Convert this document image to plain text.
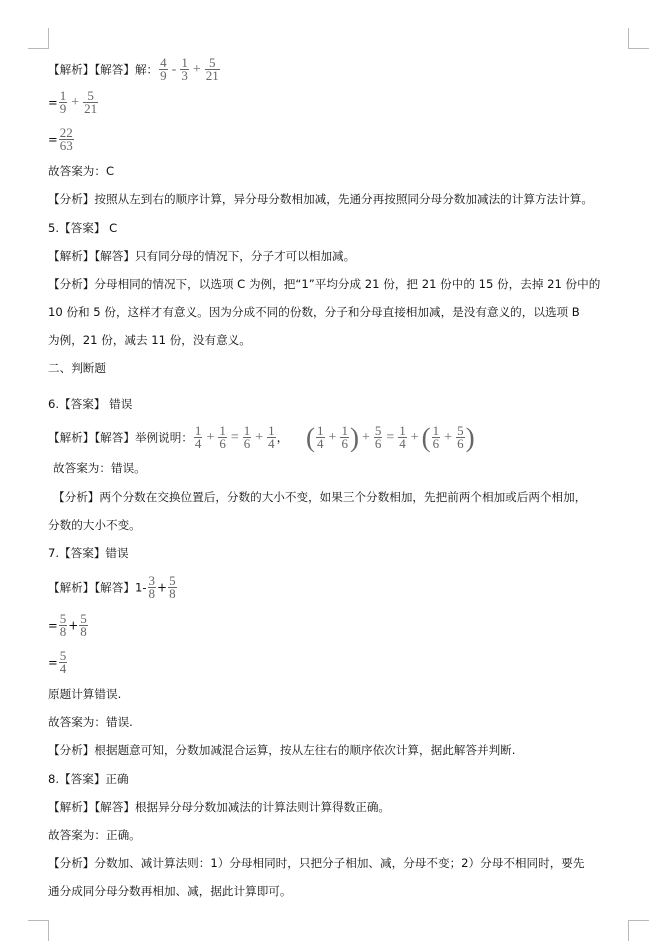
【解析】【解答】解： $\frac{4}{9} - \frac{1}{3} + \frac{5}{21}$
= $\frac{1}{9} + \frac{5}{21}$
= $\frac{22}{63}$
故答案为：C
【分析】按照从左到右的顺序计算，异分母分数相加减，先通分再按照同分母分数加减法的计算方法计算。
5.【答案】 C
【解析】【解答】只有同分母的情况下，分子才可以相加减。
【分析】分母相同的情况下，以选项 C 为例，把“1”平均分成 21 份，把 21 份中的 15 份，去掉 21 份中的
10 份和 5 份，这样才有意义。因为分成不同的份数，分子和分母直接相加减，是没有意义的，以选项 B
为例，21 份，减去 11 份，没有意义。
二、判断题
6.【答案】 错误
【解析】【解答】举例说明： $\frac{1}{4} + \frac{1}{6} = \frac{1}{6} + \frac{1}{4}$ ， ( $\frac{1}{4} + \frac{1}{6}$ ) + $\frac{5}{6} = \frac{1}{4}$ + ( $\frac{1}{6} + \frac{5}{6}$ )
故答案为：错误。
【分析】两个分数在交换位置后，分数的大小不变，如果三个分数相加，先把前两个相加或后两个相加，
分数的大小不变。
7.【答案】错误
【解析】【解答】$1- \frac{3}{8} + \frac{5}{8}$
= $\frac{5}{8} + \frac{5}{8}$
= $\frac{5}{4}$
原题计算错误.
故答案为：错误.
【分析】根据题意可知，分数加减混合运算，按从左往右的顺序依次计算，据此解答并判断.
8.【答案】正确
【解析】【解答】根据异分母分数加减法的计算法则计算得数正确。
故答案为：正确。
【分析】分数加、减计算法则：1）分母相同时，只把分子相加、减，分母不变；2）分母不相同时，要先
通分成同分母分数再相加、减，据此计算即可。
